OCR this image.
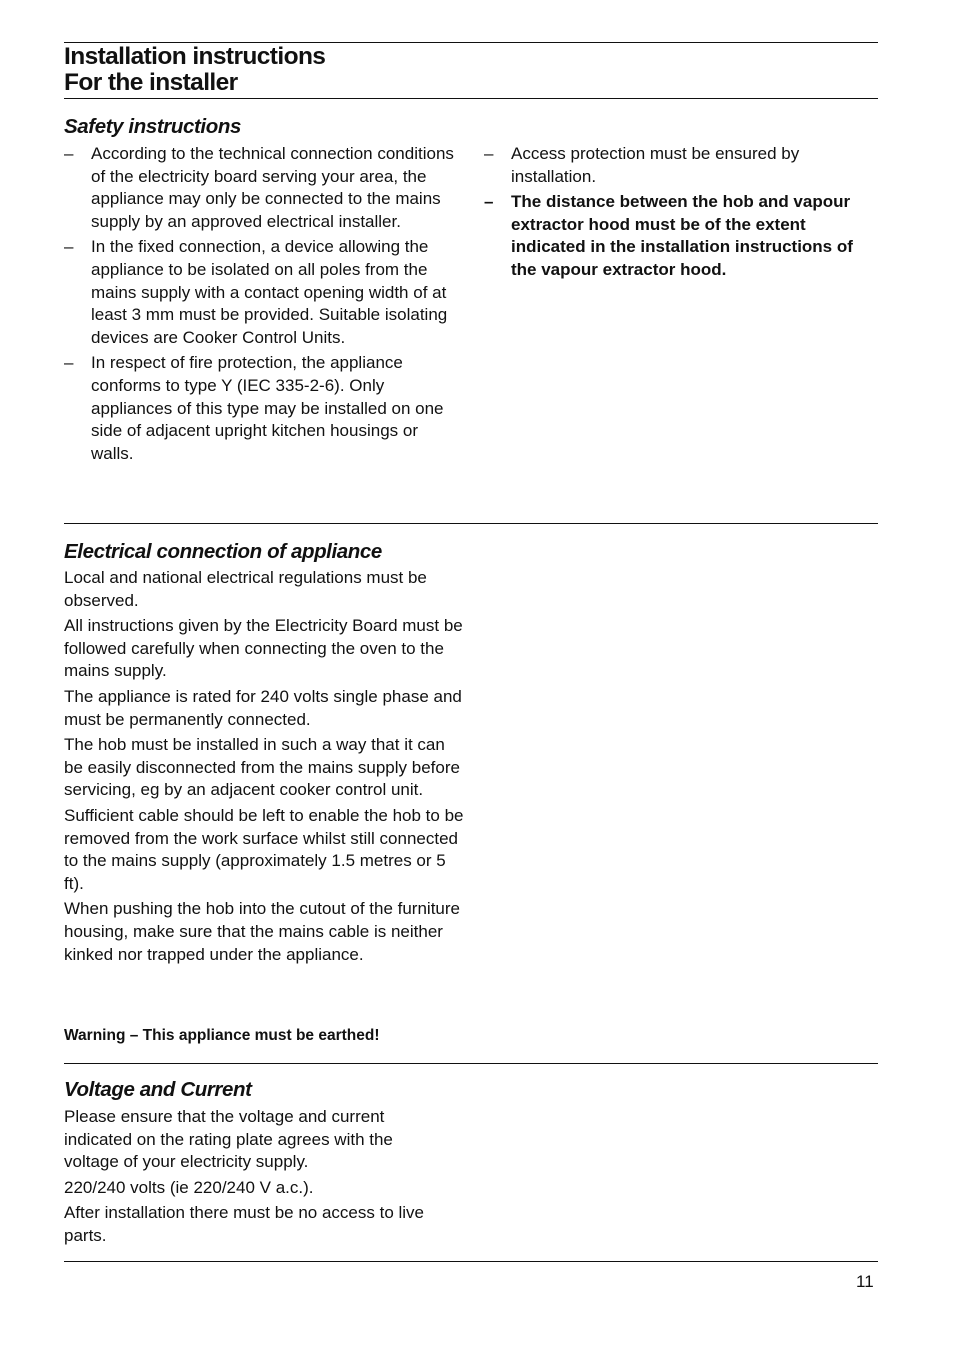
Installation instructions
For the installer
Safety instructions
–	According to the technical connection conditions of the electricity board serving your area, the appliance may only be connected to the mains supply by an approved electrical installer.
–	In the fixed connection, a device allowing the appliance to be isolated on all poles from the mains supply with a contact opening width of at least 3 mm must be provided. Suitable isolating devices are Cooker Control Units.
–	In respect of fire protection, the appliance conforms to type Y (IEC 335-2-6). Only appliances of this type may be installed on one side of adjacent upright kitchen housings or walls.
–	Access protection must be ensured by installation.
–	The distance between the hob and vapour extractor hood must be of the extent indicated in the installation instructions of the vapour extractor hood.
Electrical connection of appliance

Local and national electrical regulations must be observed.

All instructions given by the Electricity Board must be followed carefully when connecting the oven to the mains supply.

The appliance is rated for 240 volts single phase and must be permanently connected.

The hob must be installed in such a way that it can be easily disconnected from the mains supply before servicing, eg by an adjacent cooker control unit.

Sufficient cable should be left to enable the hob to be removed from the work surface whilst still connected to the mains supply (approximately 1.5 metres or 5 ft).

When pushing the hob into the cutout of the furniture housing, make sure that the mains cable is neither kinked nor trapped under the appliance.

Warning – This appliance must be earthed!
Voltage and Current

Please ensure that the voltage and current indicated on the rating plate agrees with the voltage of your electricity supply.

220/240 volts (ie 220/240 V a.c.).

After installation there must be no access to live parts.

11
